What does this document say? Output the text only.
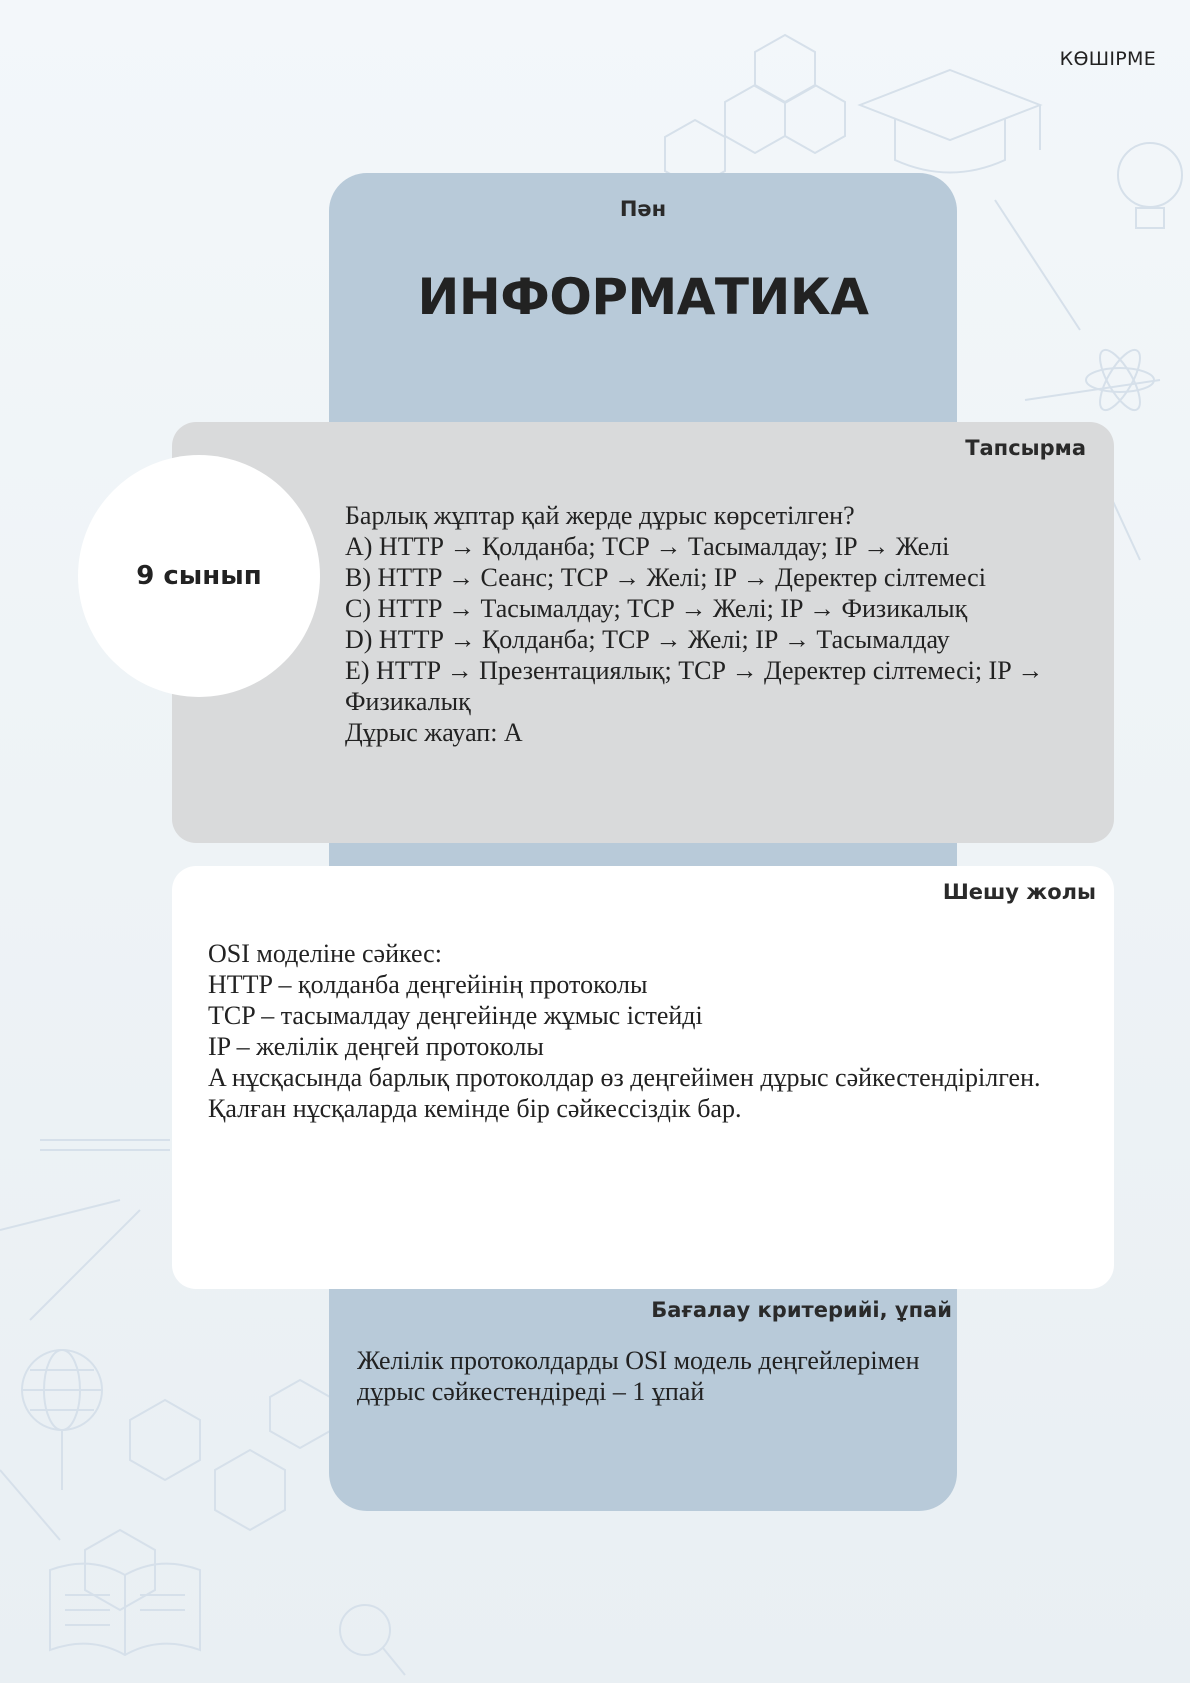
КӨШІРМЕ
Пән
ИНФОРМАТИКА
Тапсырма
Барлық жұптар қай жерде дұрыс көрсетілген?
A) HTTP → Қолданба; TCP → Тасымалдау; IP → Желі
B) HTTP → Сеанс; TCP → Желі; IP → Деректер сілтемесі
C) HTTP → Тасымалдау; TCP → Желі; IP → Физикалық
D) HTTP → Қолданба; TCP → Желі; IP → Тасымалдау
E) HTTP → Презентациялық; TCP → Деректер сілтемесі; IP → Физикалық
Дұрыс жауап: A
9 сынып
Шешу жолы
OSI моделіне сәйкес:
HTTP – қолданба деңгейінің протоколы
TCP – тасымалдау деңгейінде жұмыс істейді
IP – желілік деңгей протоколы
A нұсқасында барлық протоколдар өз деңгейімен дұрыс сәйкестендірілген. Қалған нұсқаларда кемінде бір сәйкессіздік бар.
Бағалау критерийі, ұпай
Желілік протоколдарды OSI модель деңгейлерімен дұрыс сәйкестендіреді – 1 ұпай
